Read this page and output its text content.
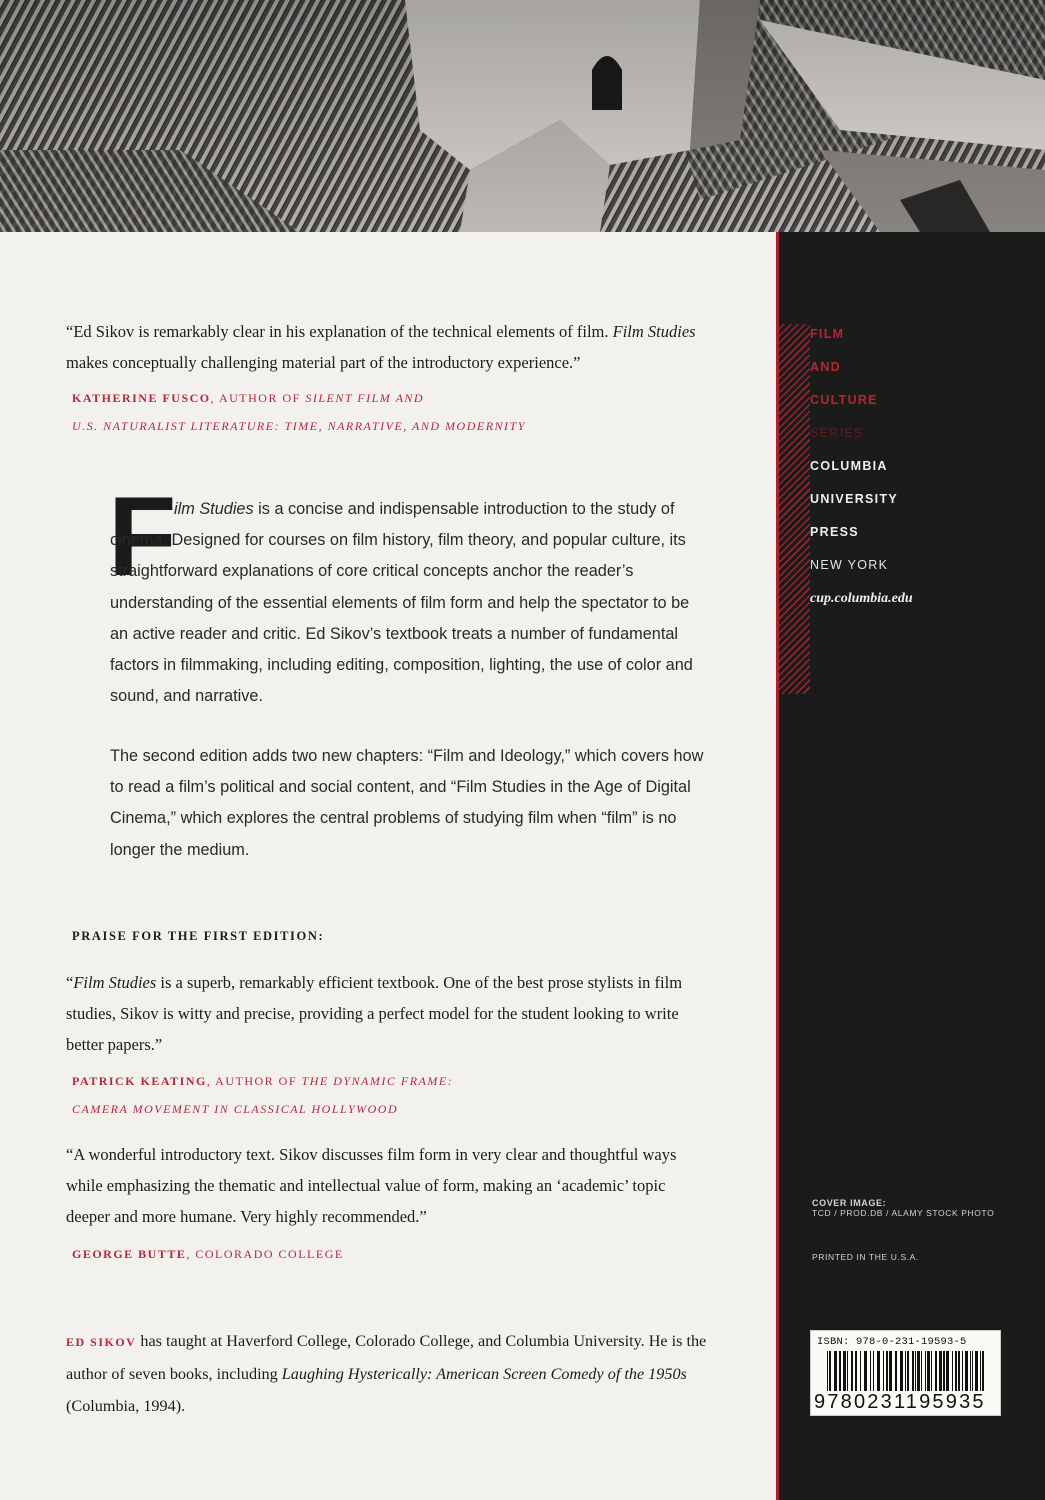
“Ed Sikov is remarkably clear in his explanation of the technical elements of film. Film Studies makes conceptually challenging material part of the introductory experience.”
KATHERINE FUSCO, AUTHOR OF SILENT FILM AND
U.S. NATURALIST LITERATURE: TIME, NARRATIVE, AND MODERNITY
F
ilm Studies is a concise and indispensable introduction to the study of cinema. Designed for courses on film history, film theory, and popular culture, its straightforward explanations of core critical concepts anchor the reader’s understanding of the essential elements of film form and help the spectator to be an active reader and critic. Ed Sikov’s textbook treats a number of fundamental factors in filmmaking, including editing, composition, lighting, the use of color and sound, and narrative.
The second edition adds two new chapters: “Film and Ideology,” which covers how to read a film’s political and social content, and “Film Studies in the Age of Digital Cinema,” which explores the central problems of studying film when “film” is no longer the medium.
PRAISE FOR THE FIRST EDITION:
“Film Studies is a superb, remarkably efficient textbook. One of the best prose stylists in film studies, Sikov is witty and precise, providing a perfect model for the student looking to write better papers.”
PATRICK KEATING, AUTHOR OF THE DYNAMIC FRAME:
CAMERA MOVEMENT IN CLASSICAL HOLLYWOOD
“A wonderful introductory text. Sikov discusses film form in very clear and thoughtful ways while emphasizing the thematic and intellectual value of form, making an ‘academic’ topic deeper and more humane. Very highly recommended.”
GEORGE BUTTE, COLORADO COLLEGE
ED SIKOV has taught at Haverford College, Colorado College, and Columbia University. He is the author of seven books, including Laughing Hysterically: American Screen Comedy of the 1950s (Columbia, 1994).
FILM
AND
CULTURE
SERIES
COLUMBIA
UNIVERSITY
PRESS
NEW YORK
cup.columbia.edu
COVER IMAGE:
TCD / PROD.DB / ALAMY STOCK PHOTO
PRINTED IN THE U.S.A.
ISBN: 978-0-231-19593-5
9780231195935
